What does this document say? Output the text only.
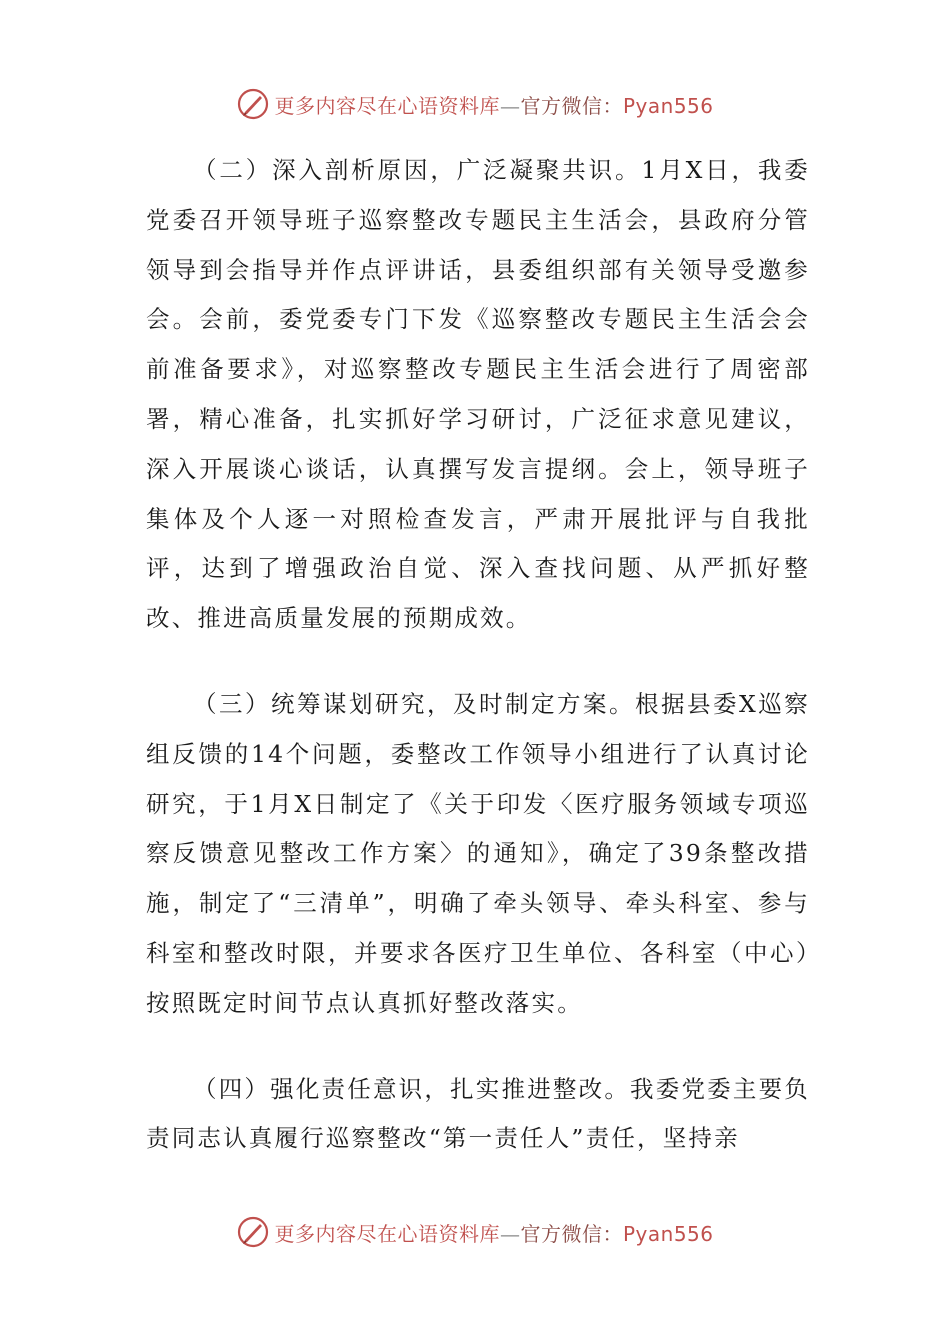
更多内容尽在心语资料库—官方微信：Pyan556

（二）深入剖析原因，广泛凝聚共识。1月X日，我委党委召开领导班子巡察整改专题民主生活会，县政府分管领导到会指导并作点评讲话，县委组织部有关领导受邀参会。会前，委党委专门下发《巡察整改专题民主生活会会前准备要求》，对巡察整改专题民主生活会进行了周密部署，精心准备，扎实抓好学习研讨，广泛征求意见建议，深入开展谈心谈话，认真撰写发言提纲。会上，领导班子集体及个人逐一对照检查发言，严肃开展批评与自我批评，达到了增强政治自觉、深入查找问题、从严抓好整改、推进高质量发展的预期成效。

（三）统筹谋划研究，及时制定方案。根据县委X巡察组反馈的14个问题，委整改工作领导小组进行了认真讨论研究，于1月X日制定了《关于印发〈医疗服务领域专项巡察反馈意见整改工作方案〉的通知》，确定了39条整改措施，制定了“三清单”，明确了牵头领导、牵头科室、参与科室和整改时限，并要求各医疗卫生单位、各科室（中心）按照既定时间节点认真抓好整改落实。

（四）强化责任意识，扎实推进整改。我委党委主要负责同志认真履行巡察整改“第一责任人”责任，坚持亲

更多内容尽在心语资料库—官方微信：Pyan556
